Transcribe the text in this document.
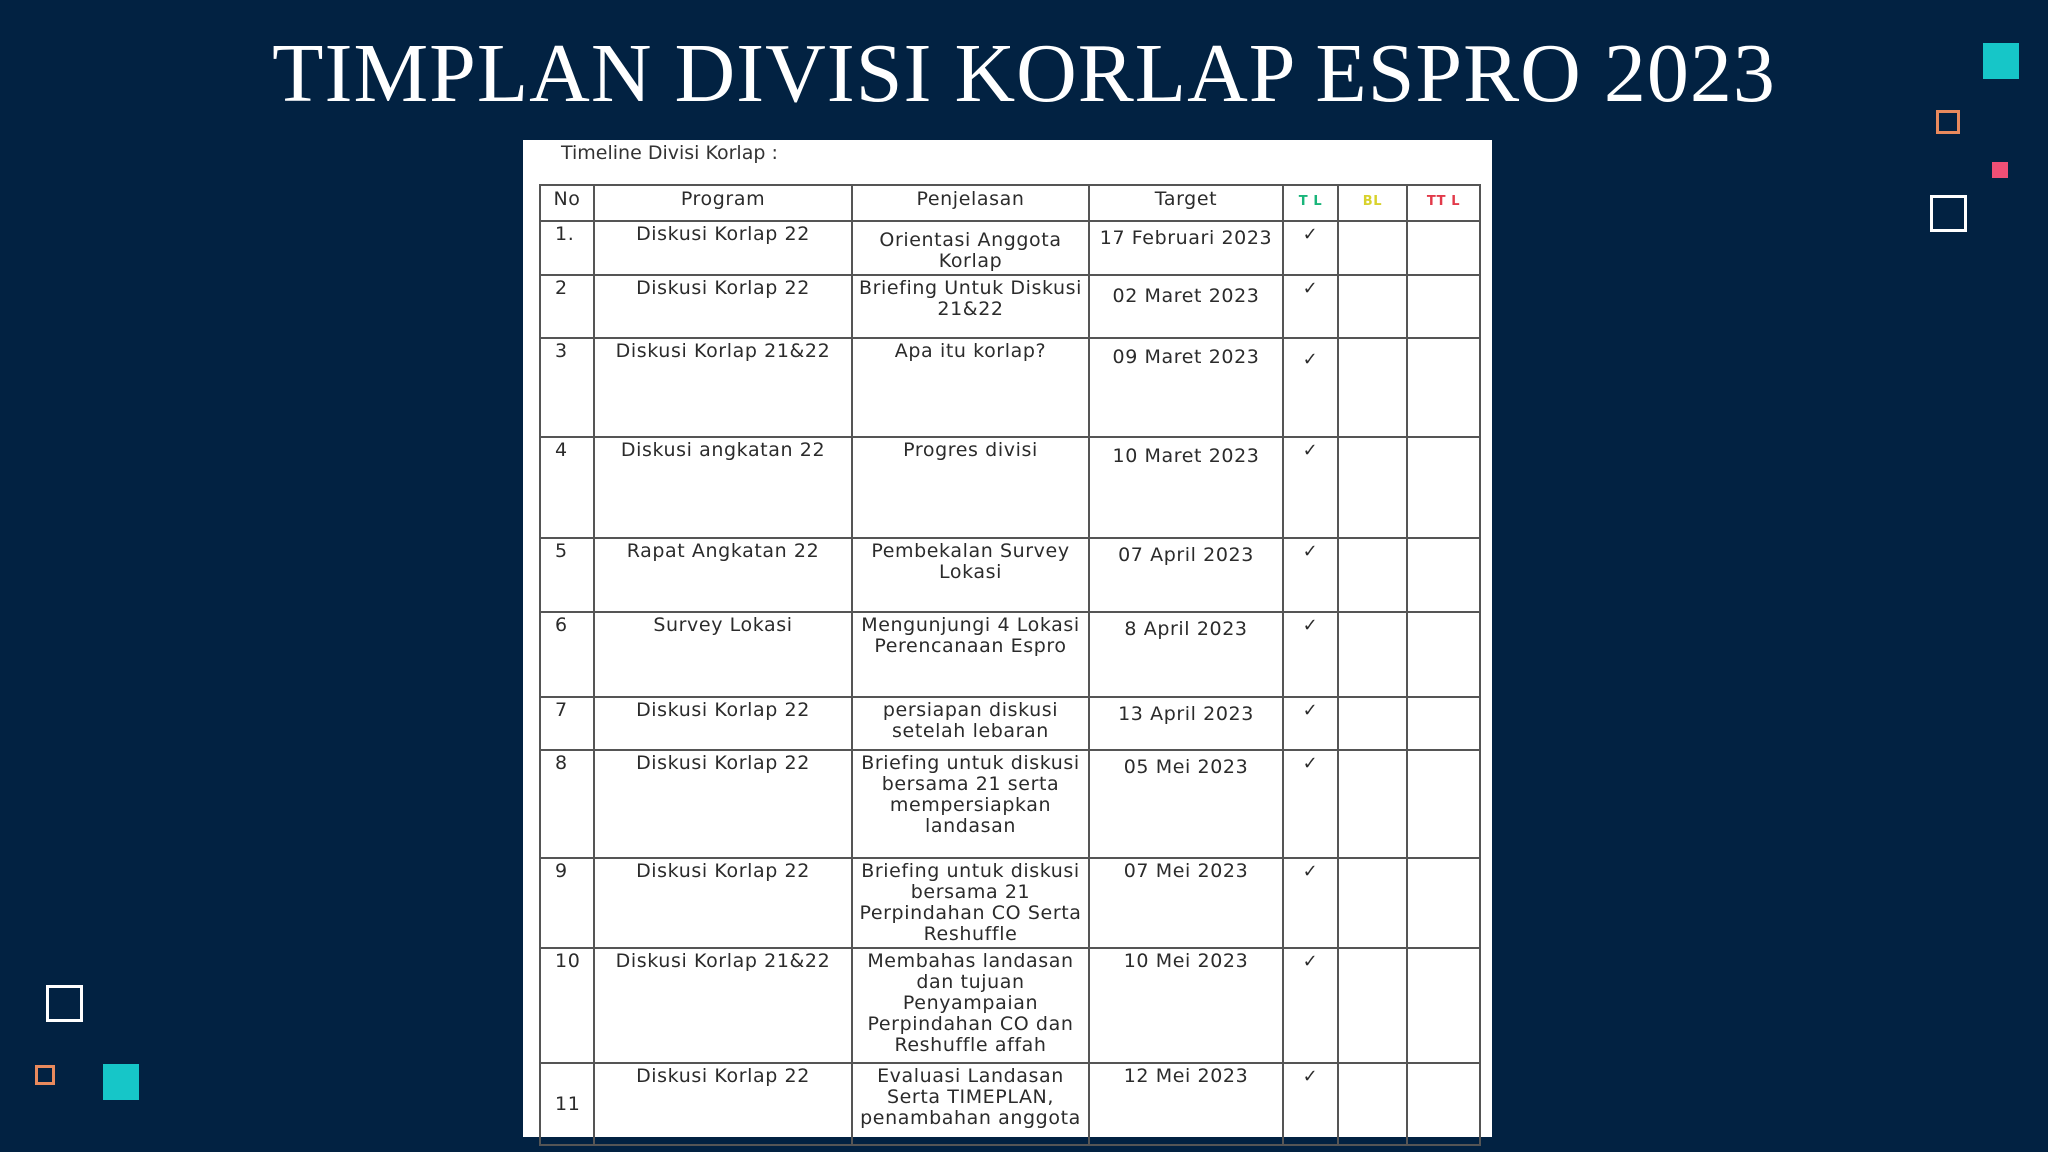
TIMPLAN DIVISI KORLAP ESPRO 2023
Timeline Divisi Korlap :
No	Program	Penjelasan	Target	T L	BL	TT L
1.	Diskusi Korlap 22	Orientasi Anggota Korlap	17 Februari 2023	✓		
2	Diskusi Korlap 22	Briefing Untuk Diskusi 21&22	02 Maret 2023	✓		
3	Diskusi Korlap 21&22	Apa itu korlap?	09 Maret 2023	✓		
4	Diskusi angkatan 22	Progres divisi	10 Maret 2023	✓		
5	Rapat Angkatan 22	Pembekalan Survey Lokasi	07 April 2023	✓		
6	Survey Lokasi	Mengunjungi 4 Lokasi Perencanaan Espro	8 April 2023	✓		
7	Diskusi Korlap 22	persiapan diskusi setelah lebaran	13 April 2023	✓		
8	Diskusi Korlap 22	Briefing untuk diskusi bersama 21 serta mempersiapkan landasan	05 Mei 2023	✓		
9	Diskusi Korlap 22	Briefing untuk diskusi bersama 21 Perpindahan CO Serta Reshuffle	07 Mei 2023	✓		
10	Diskusi Korlap 21&22	Membahas landasan dan tujuan Penyampaian Perpindahan CO dan Reshuffle affah	10 Mei 2023	✓		
11	Diskusi Korlap 22	Evaluasi Landasan Serta TIMEPLAN, penambahan anggota	12 Mei 2023	✓		
